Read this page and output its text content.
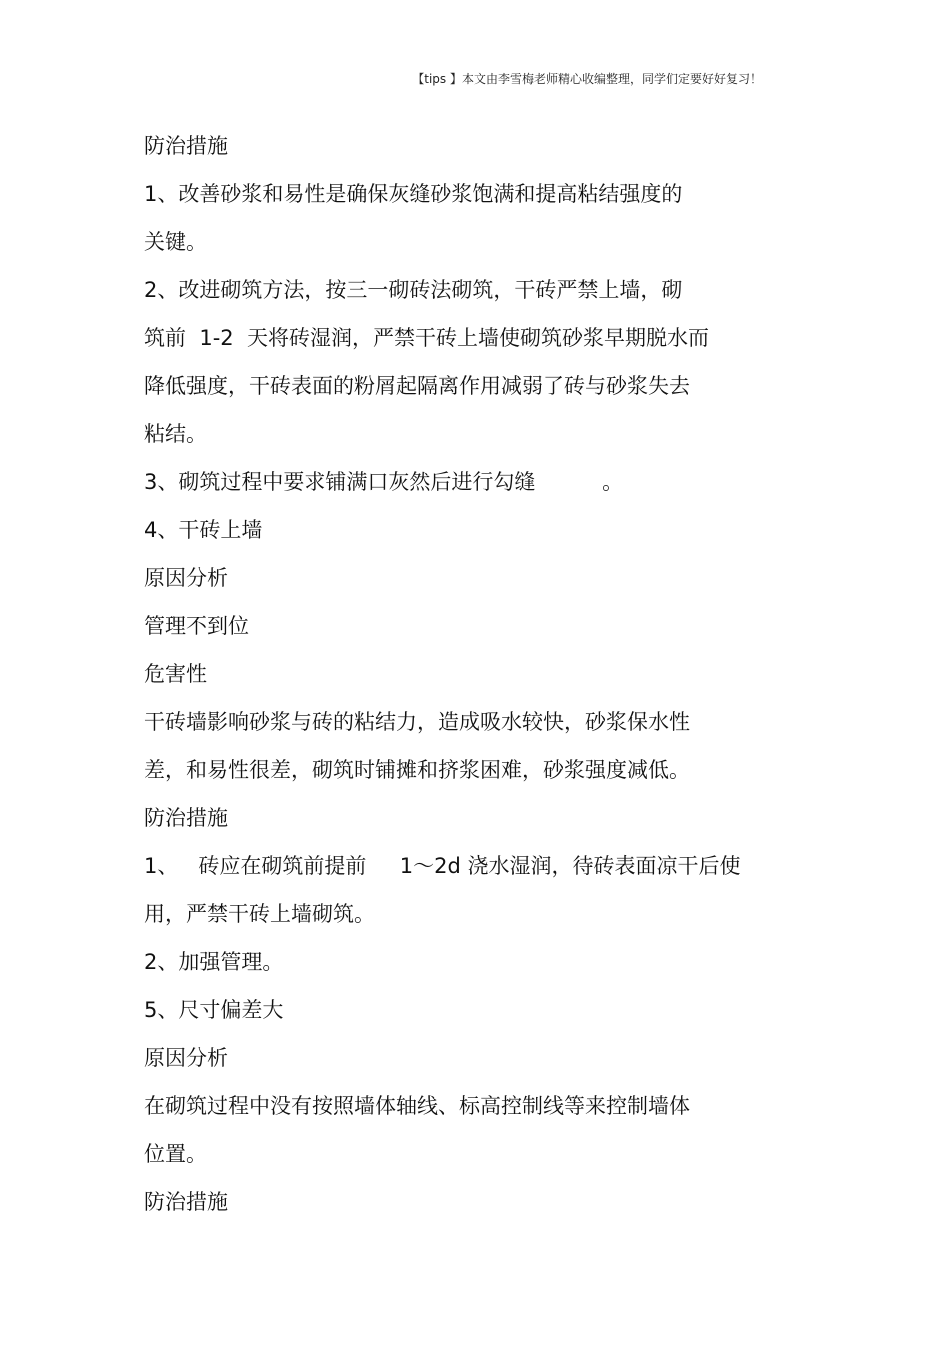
【tips 】本文由李雪梅老师精心收编整理，同学们定要好好复习！
防治措施
1、改善砂浆和易性是确保灰缝砂浆饱满和提高粘结强度的
关键。
2、改进砌筑方法，按三一砌砖法砌筑，干砖严禁上墙，砌
筑前  1-2  天将砖湿润，严禁干砖上墙使砌筑砂浆早期脱水而
降低强度，干砖表面的粉屑起隔离作用减弱了砖与砂浆失去
粘结。
3、砌筑过程中要求铺满口灰然后进行勾缝          。
4、干砖上墙
原因分析
管理不到位
危害性
干砖墙影响砂浆与砖的粘结力，造成吸水较快，砂浆保水性
差，和易性很差，砌筑时铺摊和挤浆困难，砂浆强度减低。
防治措施
1、   砖应在砌筑前提前     1～2d 浇水湿润，待砖表面凉干后使
用，严禁干砖上墙砌筑。
2、加强管理。
5、尺寸偏差大
原因分析
在砌筑过程中没有按照墙体轴线、标高控制线等来控制墙体
位置。
防治措施
